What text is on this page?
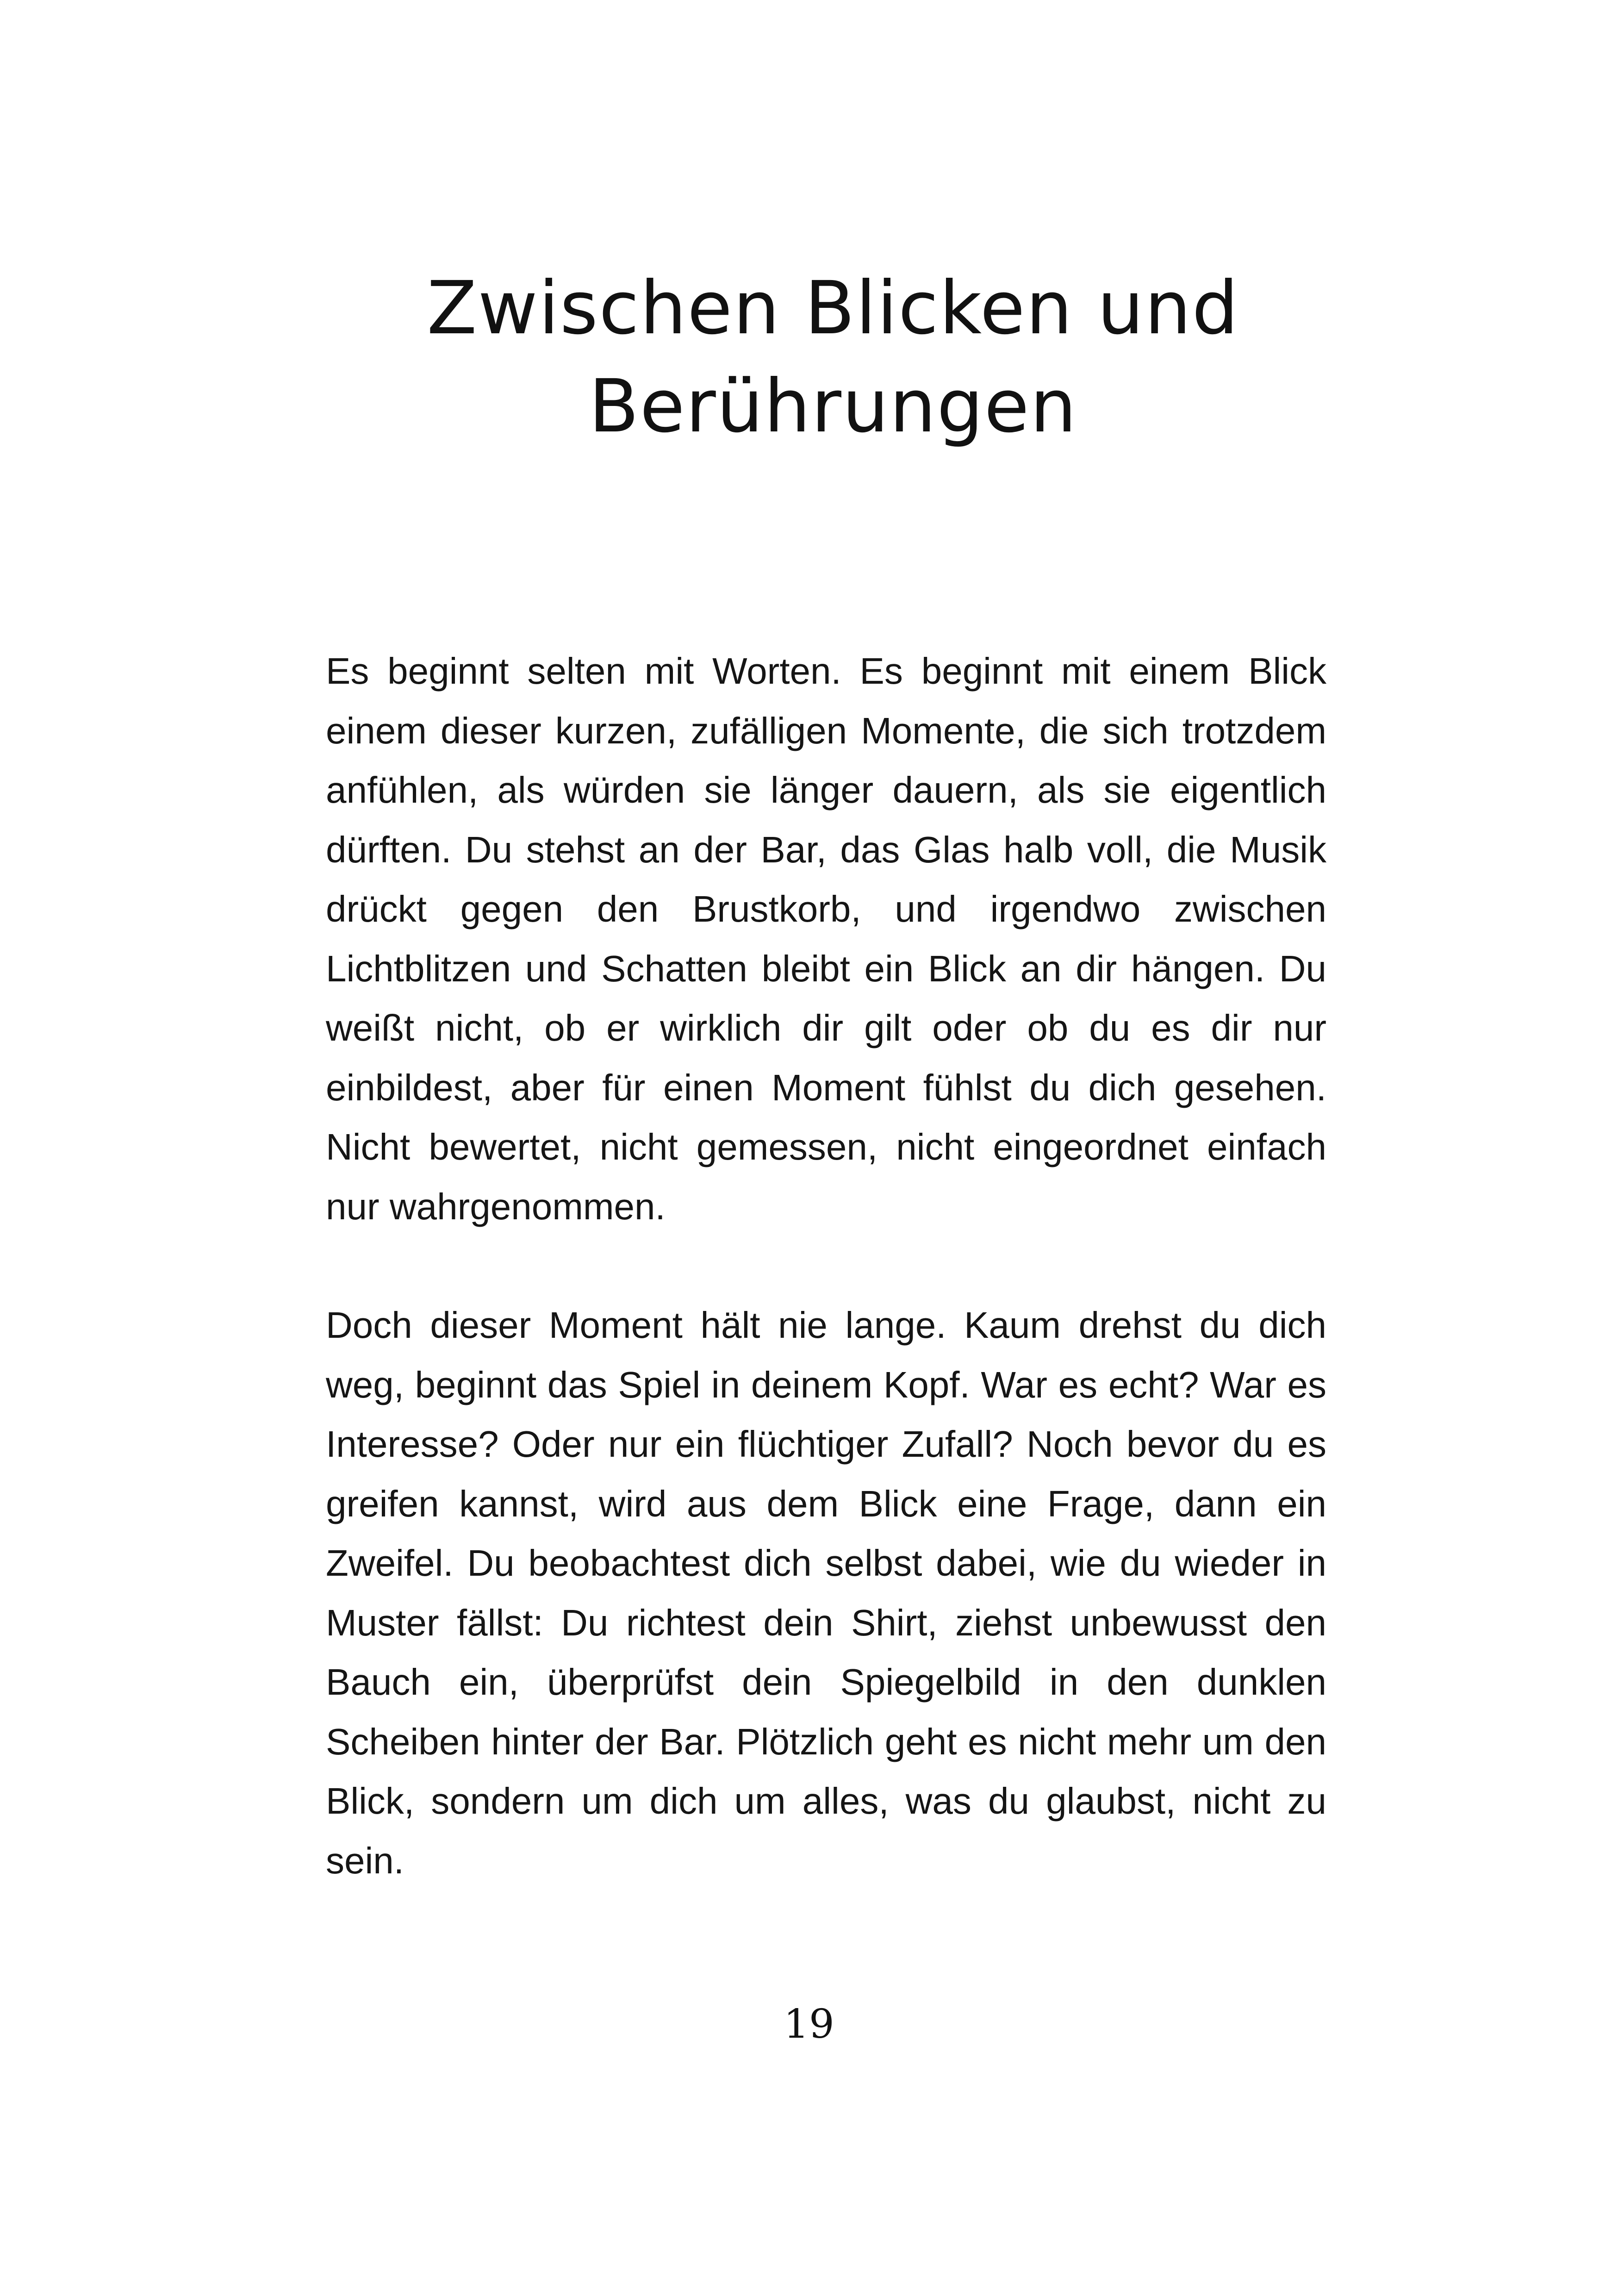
Zwischen Blicken und
Berührungen

Es beginnt selten mit Worten. Es beginnt mit einem Blick einem dieser kurzen, zufälligen Momente, die sich trotzdem anfühlen, als würden sie länger dauern, als sie eigentlich dürften. Du stehst an der Bar, das Glas halb voll, die Musik drückt gegen den Brustkorb, und irgendwo zwischen Lichtblitzen und Schatten bleibt ein Blick an dir hängen. Du weißt nicht, ob er wirklich dir gilt oder ob du es dir nur einbildest, aber für einen Moment fühlst du dich gesehen. Nicht bewertet, nicht gemessen, nicht eingeordnet einfach nur wahrgenommen.

Doch dieser Moment hält nie lange. Kaum drehst du dich weg, beginnt das Spiel in deinem Kopf. War es echt? War es Interesse? Oder nur ein flüchtiger Zufall? Noch bevor du es greifen kannst, wird aus dem Blick eine Frage, dann ein Zweifel. Du beobachtest dich selbst dabei, wie du wieder in Muster fällst: Du richtest dein Shirt, ziehst unbewusst den Bauch ein, überprüfst dein Spiegelbild in den dunklen Scheiben hinter der Bar. Plötzlich geht es nicht mehr um den Blick, sondern um dich um alles, was du glaubst, nicht zu sein.

19
